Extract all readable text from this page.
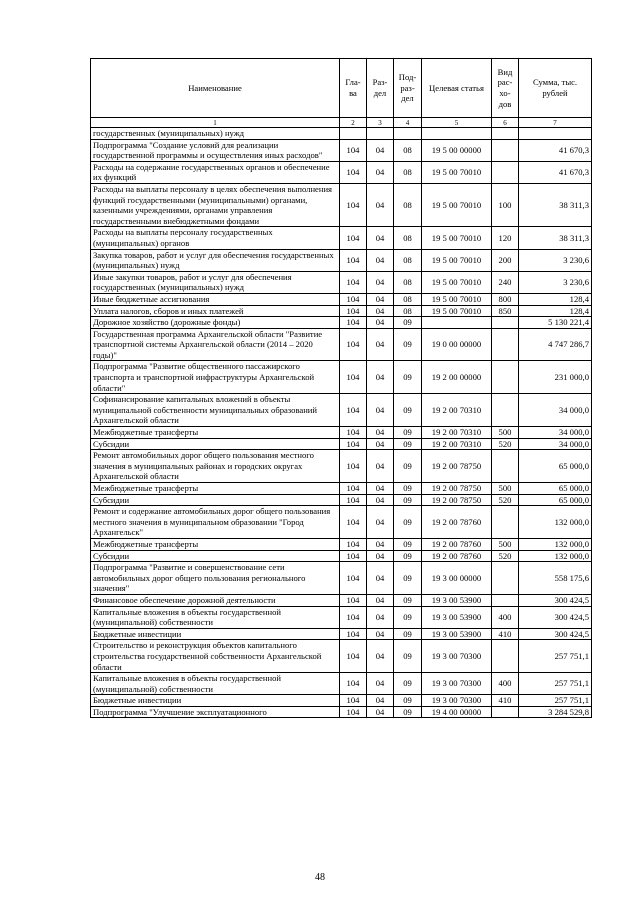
Наименование	Гла-ва	Раз-дел	Под-раз-дел	Целевая статья	Вид рас-хо-дов	Сумма, тыс. рублей
1	2	3	4	5	6	7
государственных (муниципальных) нужд						
Подпрограмма "Создание условий для реализации государственной программы и осуществления иных расходов"	104	04	08	19 5 00 00000		41 670,3
Расходы на содержание государственных органов и обеспечение их функций	104	04	08	19 5 00 70010		41 670,3
Расходы на выплаты персоналу в целях обеспечения выполнения функций государственными (муниципальными) органами, казенными учреждениями, органами управления государственными внебюджетными фондами	104	04	08	19 5 00 70010	100	38 311,3
Расходы на выплаты персоналу государственных (муниципальных) органов	104	04	08	19 5 00 70010	120	38 311,3
Закупка товаров, работ и услуг для обеспечения государственных (муниципальных) нужд	104	04	08	19 5 00 70010	200	3 230,6
Иные закупки товаров, работ и услуг для обеспечения государственных (муниципальных) нужд	104	04	08	19 5 00 70010	240	3 230,6
Иные бюджетные ассигнования	104	04	08	19 5 00 70010	800	128,4
Уплата налогов, сборов и иных платежей	104	04	08	19 5 00 70010	850	128,4
Дорожное хозяйство (дорожные фонды)	104	04	09			5 130 221,4
Государственная программа Архангельской области "Развитие транспортной системы Архангельской области (2014 – 2020 годы)"	104	04	09	19 0 00 00000		4 747 286,7
Подпрограмма "Развитие общественного пассажирского транспорта и транспортной инфраструктуры Архангельской области"	104	04	09	19 2 00 00000		231 000,0
Софинансирование капитальных вложений в объекты муниципальной собственности муниципальных образований Архангельской области	104	04	09	19 2 00 70310		34 000,0
Межбюджетные трансферты	104	04	09	19 2 00 70310	500	34 000,0
Субсидии	104	04	09	19 2 00 70310	520	34 000,0
Ремонт автомобильных дорог общего пользования местного значения в муниципальных районах и городских округах Архангельской области	104	04	09	19 2 00 78750		65 000,0
Межбюджетные трансферты	104	04	09	19 2 00 78750	500	65 000,0
Субсидии	104	04	09	19 2 00 78750	520	65 000,0
Ремонт и содержание автомобильных дорог общего пользования местного значения в муниципальном образовании "Город Архангельск"	104	04	09	19 2 00 78760		132 000,0
Межбюджетные трансферты	104	04	09	19 2 00 78760	500	132 000,0
Субсидии	104	04	09	19 2 00 78760	520	132 000,0
Подпрограмма "Развитие и совершенствование сети автомобильных дорог общего пользования регионального значения"	104	04	09	19 3 00 00000		558 175,6
Финансовое обеспечение дорожной деятельности	104	04	09	19 3 00 53900		300 424,5
Капитальные вложения в объекты государственной (муниципальной) собственности	104	04	09	19 3 00 53900	400	300 424,5
Бюджетные инвестиции	104	04	09	19 3 00 53900	410	300 424,5
Строительство и реконструкция объектов капитального строительства государственной собственности Архангельской области	104	04	09	19 3 00 70300		257 751,1
Капитальные вложения в объекты государственной (муниципальной) собственности	104	04	09	19 3 00 70300	400	257 751,1
Бюджетные инвестиции	104	04	09	19 3 00 70300	410	257 751,1
Подпрограмма "Улучшение эксплуатационного	104	04	09	19 4 00 00000		3 284 529,8
48
